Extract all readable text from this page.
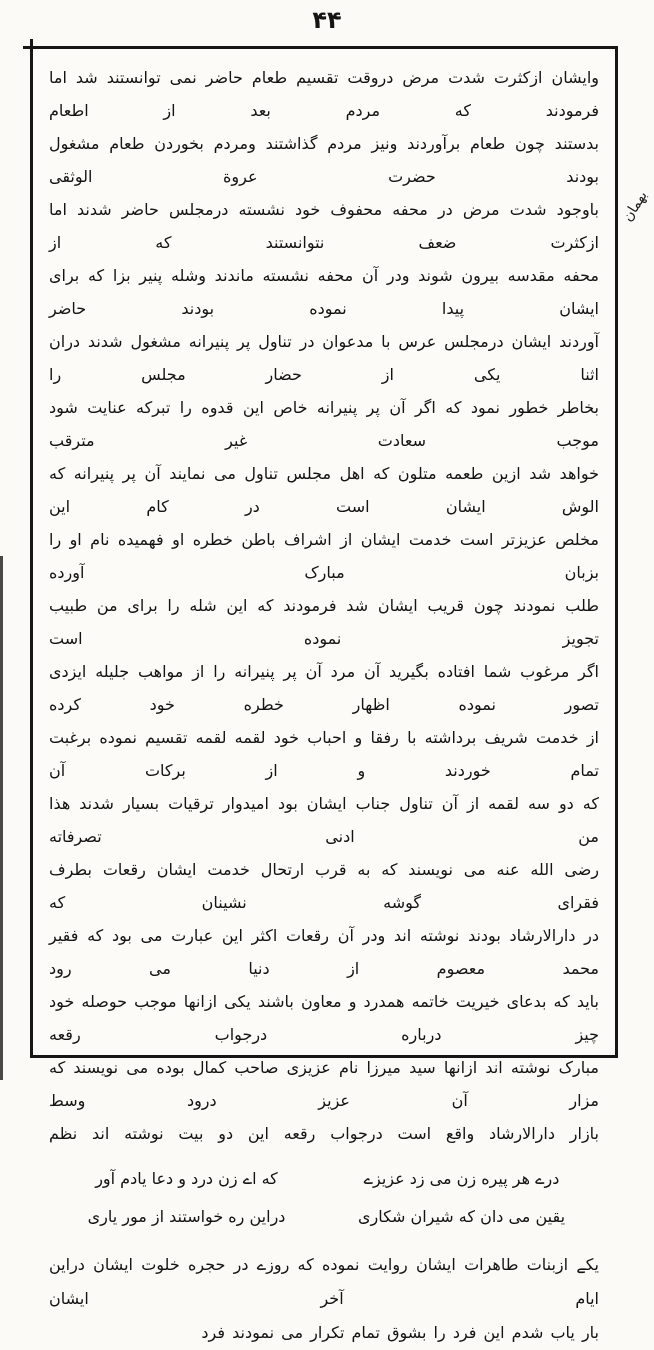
۴۴
وایشان ازکثرت شدت مرض دروقت تقسیم طعام حاضر نمی توانستند شد اما فرمودند که مردم بعد از اطعام
بدستند چون طعام برآوردند ونیز مردم گذاشتند ومردم بخوردن طعام مشغول بودند حضرت عروة الوثقی
باوجود شدت مرض در محفه محفوف خود نشسته درمجلس حاضر شدند اما ازکثرت ضعف نتوانستند که از
محفه مقدسه بیرون شوند ودر آن محفه نشسته ماندند وشله پنیر بزا که برای ایشان پیدا نموده بودند حاضر
آوردند ایشان درمجلس عرس با مدعوان در تناول پر پنیرانه مشغول شدند دران اثنا یکی از حضار مجلس را
بخاطر خطور نمود که اگر آن پر پنیرانه خاص این قدوه را تبرکه عنایت شود موجب سعادت غیر مترقب
خواهد شد ازین طعمه متلون که اهل مجلس تناول می نمایند آن پر پنیرانه که الوش ایشان است در کام این
مخلص عزیزتر است خدمت ایشان از اشراف باطن خطره او فهمیده نام او را بزبان مبارک آورده
طلب نمودند چون قریب ایشان شد فرمودند که این شله را برای من طبیب تجویز نموده است
اگر مرغوب شما افتاده بگیرید آن مرد آن پر پنیرانه را از مواهب جلیله ایزدی تصور نموده اظهار خطره خود کرده
از خدمت شریف برداشته با رفقا و احباب خود لقمه لقمه تقسیم نموده برغبت تمام خوردند و از برکات آن
که دو سه لقمه از آن تناول جناب ایشان بود امیدوار ترقیات بسیار شدند هذا من ادنی تصرفاته
رضی الله عنه می نویسند که به قرب ارتحال خدمت ایشان رقعات بطرف فقرای گوشه نشینان که
در دارالارشاد بودند نوشته اند ودر آن رقعات اکثر این عبارت می بود که فقیر محمد معصوم از دنیا می رود
باید که بدعای خیریت خاتمه همدرد و معاون باشند یکی ازانها موجب حوصله خود چیز درباره درجواب رقعه
مبارک نوشته اند ازانها سید میرزا نام عزیزی صاحب کمال بوده می نویسند که مزار آن عزیز درود وسط
بازار دارالارشاد واقع است درجواب رقعه این دو بیت نوشته اند نظم
درے هر پیره زن می زد عزیزے
که اے زن درد و دعا یادم آور
یقین می دان که شیران شکاری
دراین ره خواستند از مور یاری
یکے ازبنات طاهرات ایشان روایت نموده که روزے در حجره خلوت ایشان دراین ایام آخر ایشان
بار یاب شدم این فرد را بشوق تمام تکرار می نمودند فرد
بهمان
